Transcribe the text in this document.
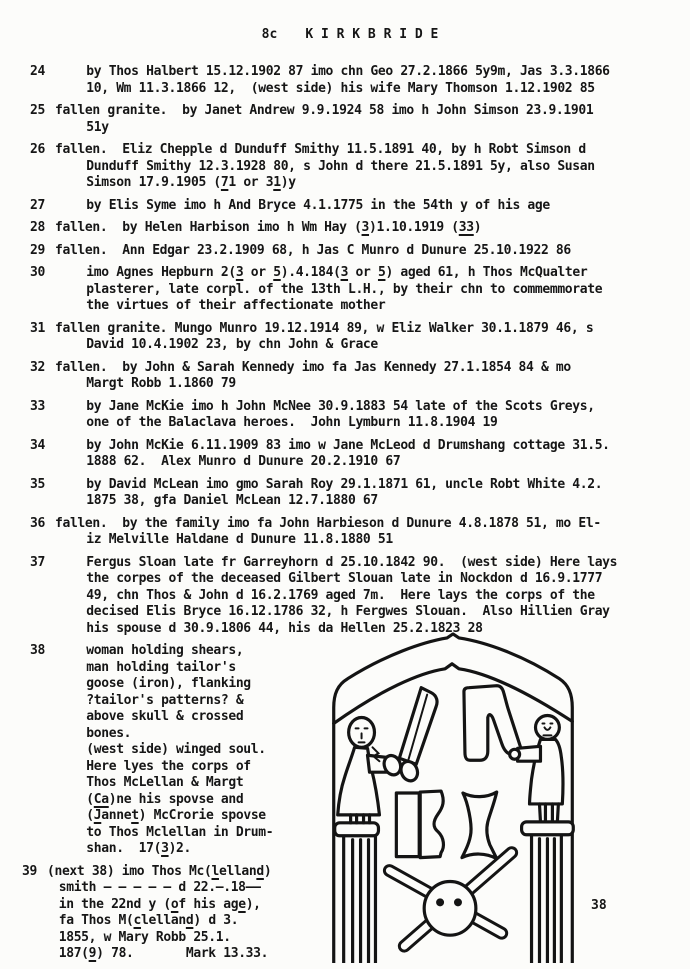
8c K I R K B R I D E

24	by Thos Halbert 15.12.1902 87 imo chn Geo 27.2.1866 5y9m, Jas 3.3.1866
10, Wm 11.3.1866 12,  (west side) his wife Mary Thomson 1.12.1902 85
25 fallen granite.  by Janet Andrew 9.9.1924 58 imo h John Simson 23.9.1901
51y
26 fallen.  Eliz Chepple d Dunduff Smithy 11.5.1891 40, by h Robt Simson d
Dunduff Smithy 12.3.1928 80, s John d there 21.5.1891 5y, also Susan
Simson 17.9.1905 (71 or 31)y
27	by Elis Syme imo h And Bryce 4.1.1775 in the 54th y of his age
28 fallen.  by Helen Harbison imo h Wm Hay (3)1.10.1919 (33)
29 fallen.  Ann Edgar 23.2.1909 68, h Jas C Munro d Dunure 25.10.1922 86
30	imo Agnes Hepburn 2(3 or 5).4.184(3 or 5) aged 61, h Thos McQualter
plasterer, late corpl. of the 13th L.H., by their chn to commemmorate
the virtues of their affectionate mother
31 fallen granite. Mungo Munro 19.12.1914 89, w Eliz Walker 30.1.1879 46, s
David 10.4.1902 23, by chn John & Grace
32 fallen.  by John & Sarah Kennedy imo fa Jas Kennedy 27.1.1854 84 & mo
Margt Robb 1.1860 79
33	by Jane McKie imo h John McNee 30.9.1883 54 late of the Scots Greys,
one of the Balaclava heroes.  John Lymburn 11.8.1904 19
34	by John McKie 6.11.1909 83 imo w Jane McLeod d Drumshang cottage 31.5.
1888 62.  Alex Munro d Dunure 20.2.1910 67
35	by David McLean imo gmo Sarah Roy 29.1.1871 61, uncle Robt White 4.2.
1875 38, gfa Daniel McLean 12.7.1880 67
36 fallen.  by the family imo fa John Harbieson d Dunure 4.8.1878 51, mo El-
iz Melville Haldane d Dunure 11.8.1880 51
37	Fergus Sloan late fr Garreyhorn d 25.10.1842 90.  (west side) Here lays
the corpes of the deceased Gilbert Slouan late in Nockdon d 16.9.1777
49, chn Thos & John d 16.2.1769 aged 7m.  Here lays the corps of the
decised Elis Bryce 16.12.1786 32, h Fergwes Slouan.  Also Hillien Gray
his spouse d 30.9.1806 44, his da Hellen 25.2.1823 28
38	woman holding shears,
man holding tailor's
goose (iron), flanking
?tailor's patterns? &
above skull & crossed
bones.
(west side) winged soul.
Here lyes the corps of
Thos McLellan & Margt
(Ca)ne his spovse and
(Jannet) McCrorie spovse
to Thos Mclellan in Drum-
shan.  17(3)2.
39 (next 38) imo Thos Mc(lelland)
smith – – – – – d 22.–.18––
in the 22nd y (of his age),
fa Thos M(clelland) d 3.
1855, w Mary Robb 25.1.
187(9) 78.       Mark 13.33.
38
